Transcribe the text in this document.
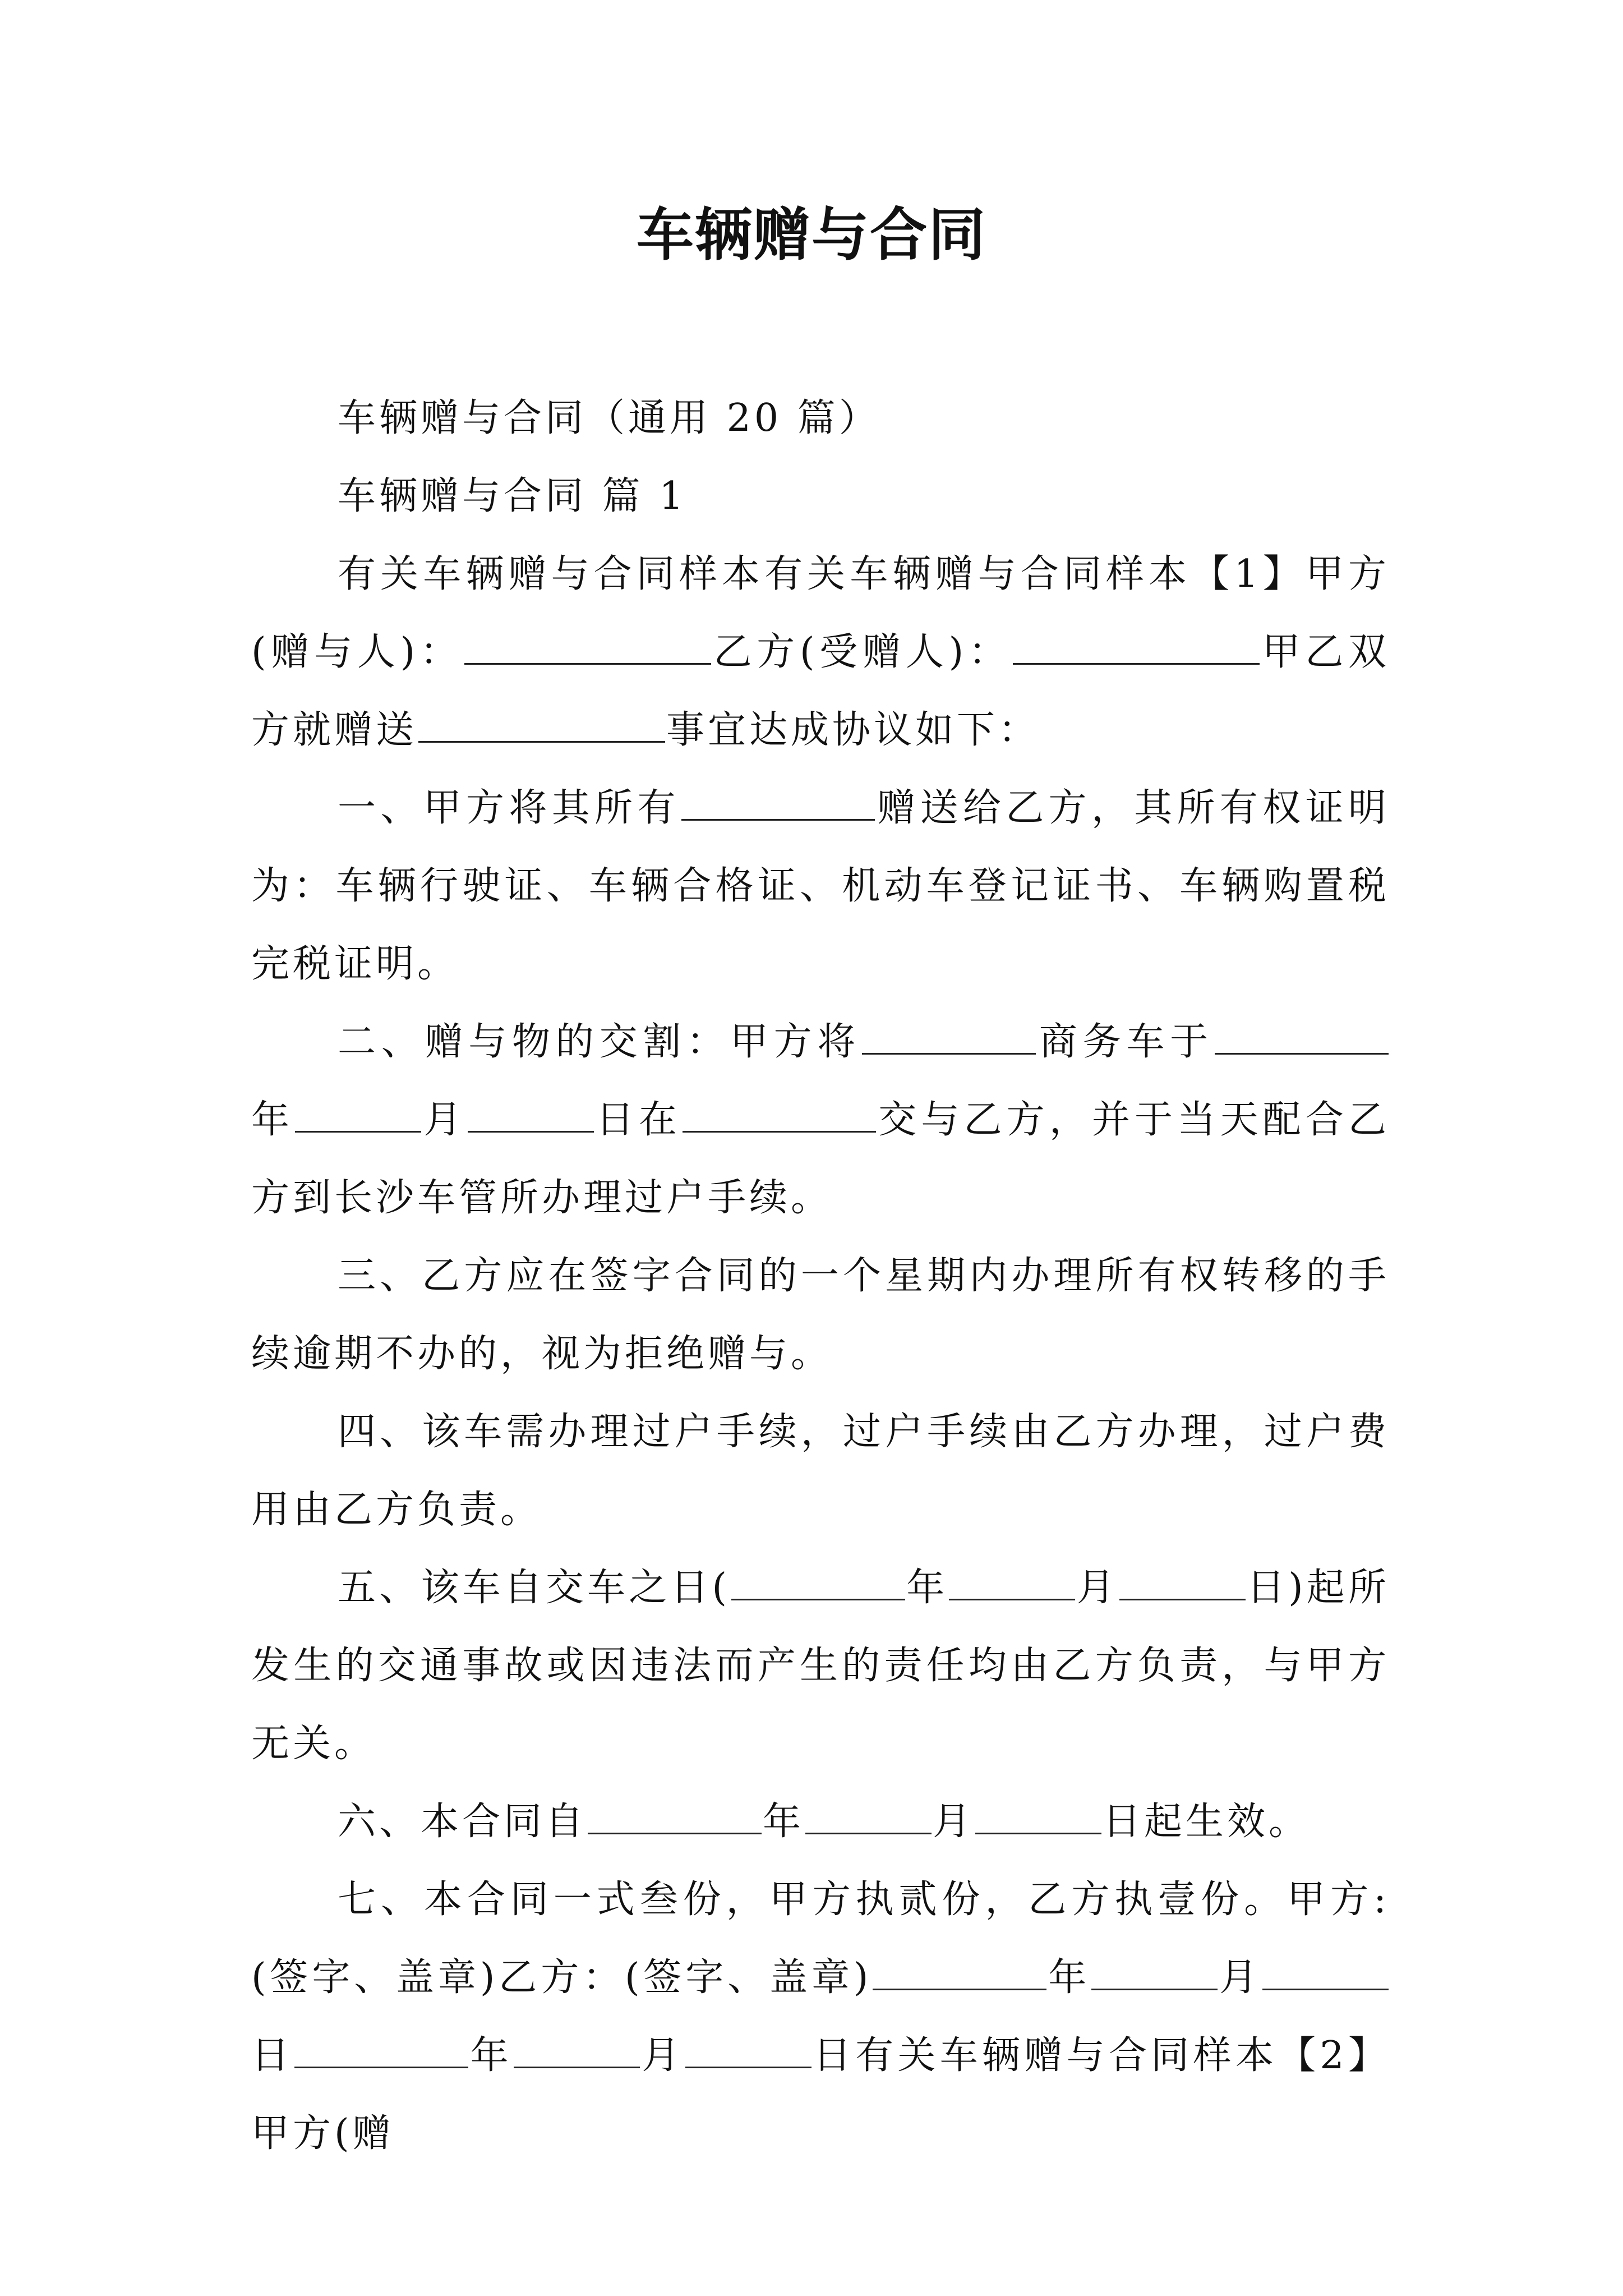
车辆赠与合同

车辆赠与合同（通用 20 篇）

车辆赠与合同 篇 1

有关车辆赠与合同样本有关车辆赠与合同样本【1】甲方(赠与人)：	乙方(受赠人)：	甲乙双方就赠送	事宜达成协议如下：

一、甲方将其所有	赠送给乙方，其所有权证明为：车辆行驶证、车辆合格证、机动车登记证书、车辆购置税完税证明。

二、赠与物的交割：甲方将	商务车于年	月	日在	交与乙方，并于当天配合乙方到长沙车管所办理过户手续。

三、乙方应在签字合同的一个星期内办理所有权转移的手续逾期不办的，视为拒绝赠与。

四、该车需办理过户手续，过户手续由乙方办理，过户费用由乙方负责。

五、该车自交车之日(	年	月	日)起所发生的交通事故或因违法而产生的责任均由乙方负责，与甲方无关。

六、本合同自	年	月	日起生效。

七、本合同一式叁份，甲方执贰份，乙方执壹份。甲方:(签字、盖章)乙方：(签字、盖章)	年	月日	年	月	日有关车辆赠与合同样本【2】甲方(赠
